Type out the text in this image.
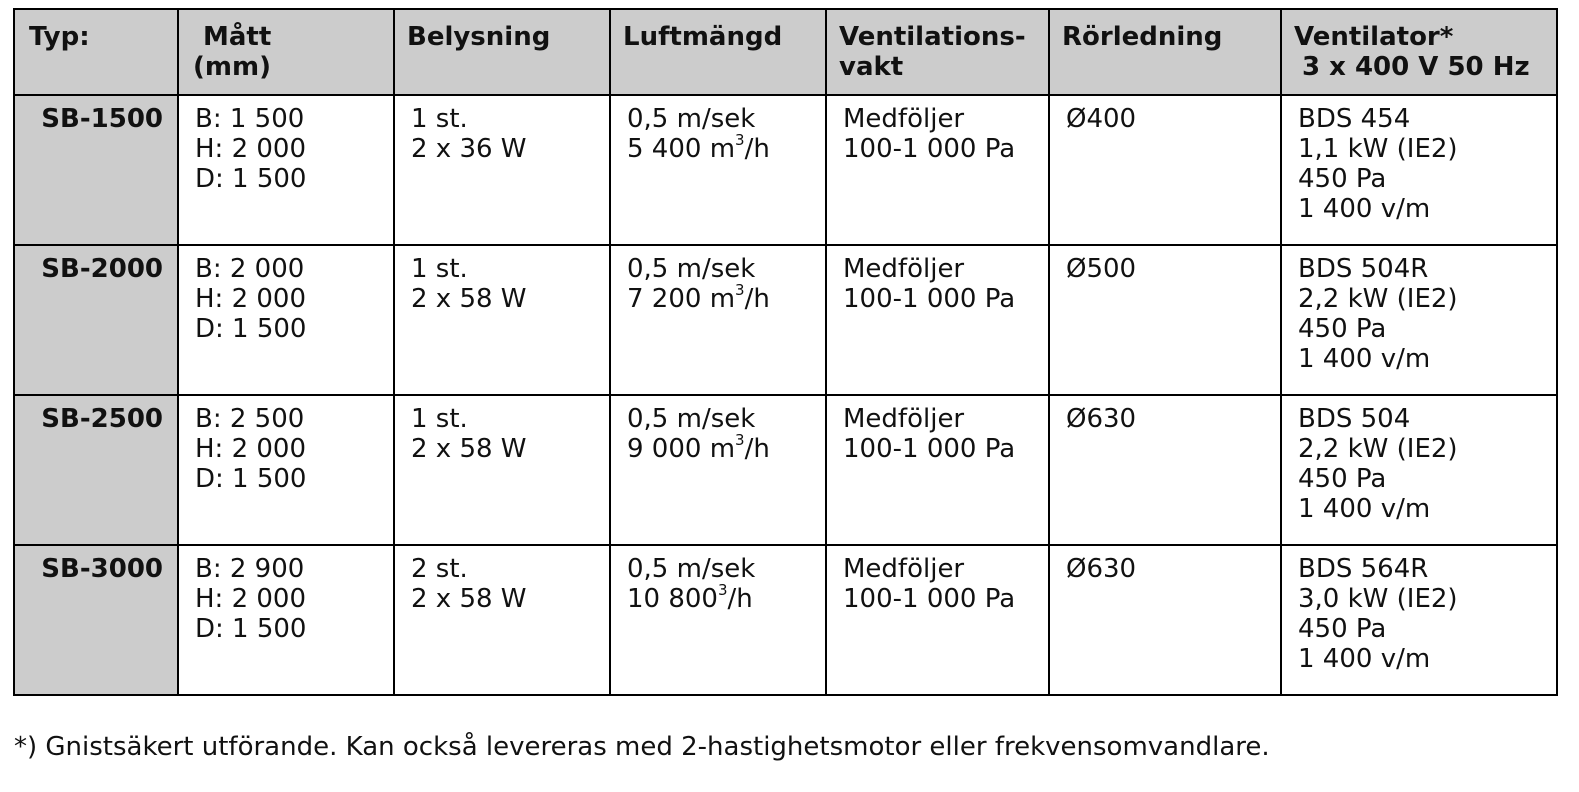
Typ:	Mått
(mm)	Belysning	Luftmängd	Ventilations-
vakt	Rörledning	Ventilator*
3 x 400 V 50 Hz

SB-1500	B: 1 500
H: 2 000
D: 1 500	1 st.
2 x 36 W	0,5 m/sek
5 400 $m^3/h$	Medföljer
100-1 000 Pa	Ø400	BDS 454
1,1 kW (IE2)
450 Pa
1 400 v/m

SB-2000	B: 2 000
H: 2 000
D: 1 500	1 st.
2 x 58 W	0,5 m/sek
7 200 $m^3/h$	Medföljer
100-1 000 Pa	Ø500	BDS 504R
2,2 kW (IE2)
450 Pa
1 400 v/m

SB-2500	B: 2 500
H: 2 000
D: 1 500	1 st.
2 x 58 W	0,5 m/sek
9 000 $m^3/h$	Medföljer
100-1 000 Pa	Ø630	BDS 504
2,2 kW (IE2)
450 Pa
1 400 v/m

SB-3000	B: 2 900
H: 2 000
D: 1 500	2 st.
2 x 58 W	0,5 m/sek
10 $800^3/h$	Medföljer
100-1 000 Pa	Ø630	BDS 564R
3,0 kW (IE2)
450 Pa
1 400 v/m
*) Gnistsäkert utförande. Kan också levereras med 2-hastighetsmotor eller frekvensomvandlare.
